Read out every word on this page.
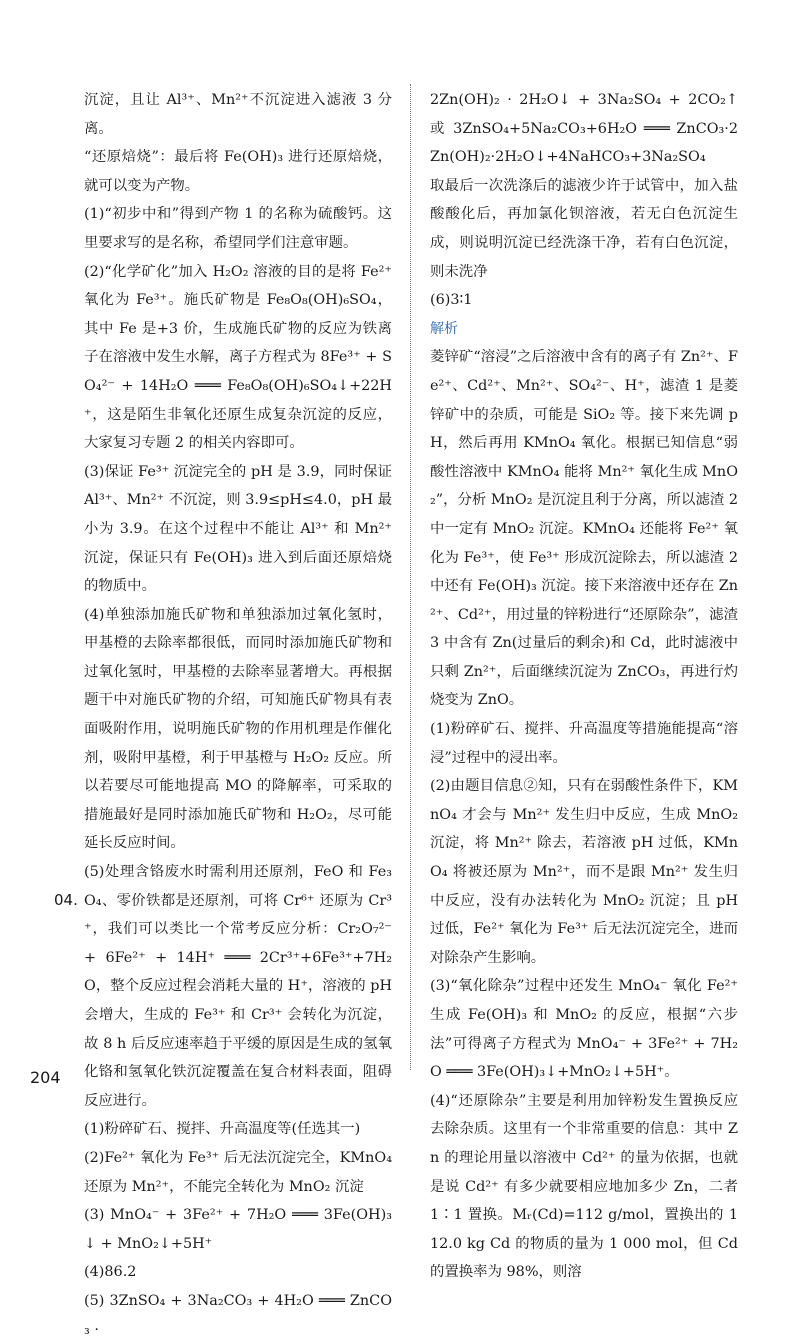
沉淀，且让 Al³⁺、Mn²⁺不沉淀进入滤液 3 分离。

“还原焙烧”：最后将 Fe(OH)₃ 进行还原焙烧，就可以变为产物。

(1)“初步中和”得到产物 1 的名称为硫酸钙。这里要求写的是名称，希望同学们注意审题。

(2)“化学矿化”加入 H₂O₂ 溶液的目的是将 Fe²⁺ 氧化为 Fe³⁺。施氏矿物是 Fe₈O₈(OH)₆SO₄，其中 Fe 是+3 价，生成施氏矿物的反应为铁离子在溶液中发生水解，离子方程式为 8Fe³⁺ + SO₄²⁻ + 14H₂O ═══ Fe₈O₈(OH)₆SO₄↓+22H⁺，这是陌生非氧化还原生成复杂沉淀的反应，大家复习专题 2 的相关内容即可。

(3)保证 Fe³⁺ 沉淀完全的 pH 是 3.9，同时保证 Al³⁺、Mn²⁺ 不沉淀，则 3.9≤pH≤4.0，pH 最小为 3.9。在这个过程中不能让 Al³⁺ 和 Mn²⁺ 沉淀，保证只有 Fe(OH)₃ 进入到后面还原焙烧的物质中。

(4)单独添加施氏矿物和单独添加过氧化氢时，甲基橙的去除率都很低，而同时添加施氏矿物和过氧化氢时，甲基橙的去除率显著增大。再根据题干中对施氏矿物的介绍，可知施氏矿物具有表面吸附作用，说明施氏矿物的作用机理是作催化剂，吸附甲基橙，利于甲基橙与 H₂O₂ 反应。所以若要尽可能地提高 MO 的降解率，可采取的措施最好是同时添加施氏矿物和 H₂O₂，尽可能延长反应时间。

(5)处理含铬废水时需利用还原剂，FeO 和 Fe₃O₄、零价铁都是还原剂，可将 Cr⁶⁺ 还原为 Cr³⁺，我们可以类比一个常考反应分析：Cr₂O₇²⁻ + 6Fe²⁺ + 14H⁺ ═══ 2Cr³⁺+6Fe³⁺+7H₂O，整个反应过程会消耗大量的 H⁺，溶液的 pH 会增大，生成的 Fe³⁺ 和 Cr³⁺ 会转化为沉淀，故 8 h 后反应速率趋于平缓的原因是生成的氢氧化铬和氢氧化铁沉淀覆盖在复合材料表面，阻碍反应进行。

(1)粉碎矿石、搅拌、升高温度等(任选其一)

(2)Fe²⁺ 氧化为 Fe³⁺ 后无法沉淀完全，KMnO₄ 还原为 Mn²⁺，不能完全转化为 MnO₂ 沉淀

(3) MnO₄⁻ + 3Fe²⁺ + 7H₂O ═══ 3Fe(OH)₃↓ + MnO₂↓+5H⁺

(4)86.2

(5) 3ZnSO₄ + 3Na₂CO₃ + 4H₂O ═══ ZnCO₃ ·

04.

2Zn(OH)₂ · 2H₂O↓ + 3Na₂SO₄ + 2CO₂↑ 或 3ZnSO₄+5Na₂CO₃+6H₂O ═══ ZnCO₃·2Zn(OH)₂·2H₂O↓+4NaHCO₃+3Na₂SO₄

取最后一次洗涤后的滤液少许于试管中，加入盐酸酸化后，再加氯化钡溶液，若无白色沉淀生成，则说明沉淀已经洗涤干净，若有白色沉淀，则未洗净

(6)3∶1

解析

菱锌矿“溶浸”之后溶液中含有的离子有 Zn²⁺、Fe²⁺、Cd²⁺、Mn²⁺、SO₄²⁻、H⁺，滤渣 1 是菱锌矿中的杂质，可能是 SiO₂ 等。接下来先调 pH，然后再用 KMnO₄ 氧化。根据已知信息“弱酸性溶液中 KMnO₄ 能将 Mn²⁺ 氧化生成 MnO₂”，分析 MnO₂ 是沉淀且利于分离，所以滤渣 2 中一定有 MnO₂ 沉淀。KMnO₄ 还能将 Fe²⁺ 氧化为 Fe³⁺，使 Fe³⁺ 形成沉淀除去，所以滤渣 2 中还有 Fe(OH)₃ 沉淀。接下来溶液中还存在 Zn²⁺、Cd²⁺，用过量的锌粉进行“还原除杂”，滤渣 3 中含有 Zn(过量后的剩余)和 Cd，此时滤液中只剩 Zn²⁺，后面继续沉淀为 ZnCO₃，再进行灼烧变为 ZnO。

(1)粉碎矿石、搅拌、升高温度等措施能提高“溶浸”过程中的浸出率。

(2)由题目信息②知，只有在弱酸性条件下，KMnO₄ 才会与 Mn²⁺ 发生归中反应，生成 MnO₂ 沉淀，将 Mn²⁺ 除去，若溶液 pH 过低，KMnO₄ 将被还原为 Mn²⁺，而不是跟 Mn²⁺ 发生归中反应，没有办法转化为 MnO₂ 沉淀；且 pH 过低，Fe²⁺ 氧化为 Fe³⁺ 后无法沉淀完全，进而对除杂产生影响。

(3)“氧化除杂”过程中还发生 MnO₄⁻ 氧化 Fe²⁺ 生成 Fe(OH)₃ 和 MnO₂ 的反应，根据“六步法”可得离子方程式为 MnO₄⁻ + 3Fe²⁺ + 7H₂O ═══ 3Fe(OH)₃↓+MnO₂↓+5H⁺。

(4)“还原除杂”主要是利用加锌粉发生置换反应去除杂质。这里有一个非常重要的信息：其中 Zn 的理论用量以溶液中 Cd²⁺ 的量为依据，也就是说 Cd²⁺ 有多少就要相应地加多少 Zn，二者 1∶1 置换。Mᵣ(Cd)=112 g/mol，置换出的 112.0 kg Cd 的物质的量为 1 000 mol，但 Cd 的置换率为 98%，则溶

204
